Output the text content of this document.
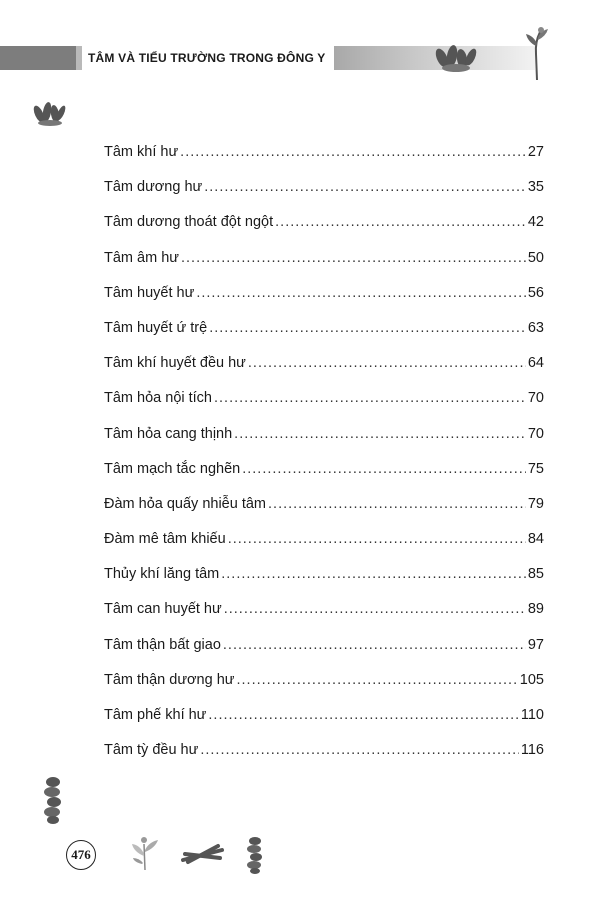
TÂM VÀ TIỂU TRƯỜNG TRONG ĐÔNG Y
Tâm khí hư .....	27
Tâm dương hư .....	35
Tâm dương thoát đột ngột .....	42
Tâm âm hư .....	50
Tâm huyết hư .....	56
Tâm huyết ứ trệ .....	63
Tâm khí huyết đều hư .....	64
Tâm hỏa nội tích .....	70
Tâm hỏa cang thịnh .....	70
Tâm mạch tắc nghẽn .....	75
Đàm hỏa quấy nhiễu tâm .....	79
Đàm mê tâm khiếu .....	84
Thủy khí lăng tâm .....	85
Tâm can huyết hư .....	89
Tâm thận bất giao .....	97
Tâm thận dương hư .....	105
Tâm phế khí hư .....	110
Tâm tỳ đều hư .....	116
476
